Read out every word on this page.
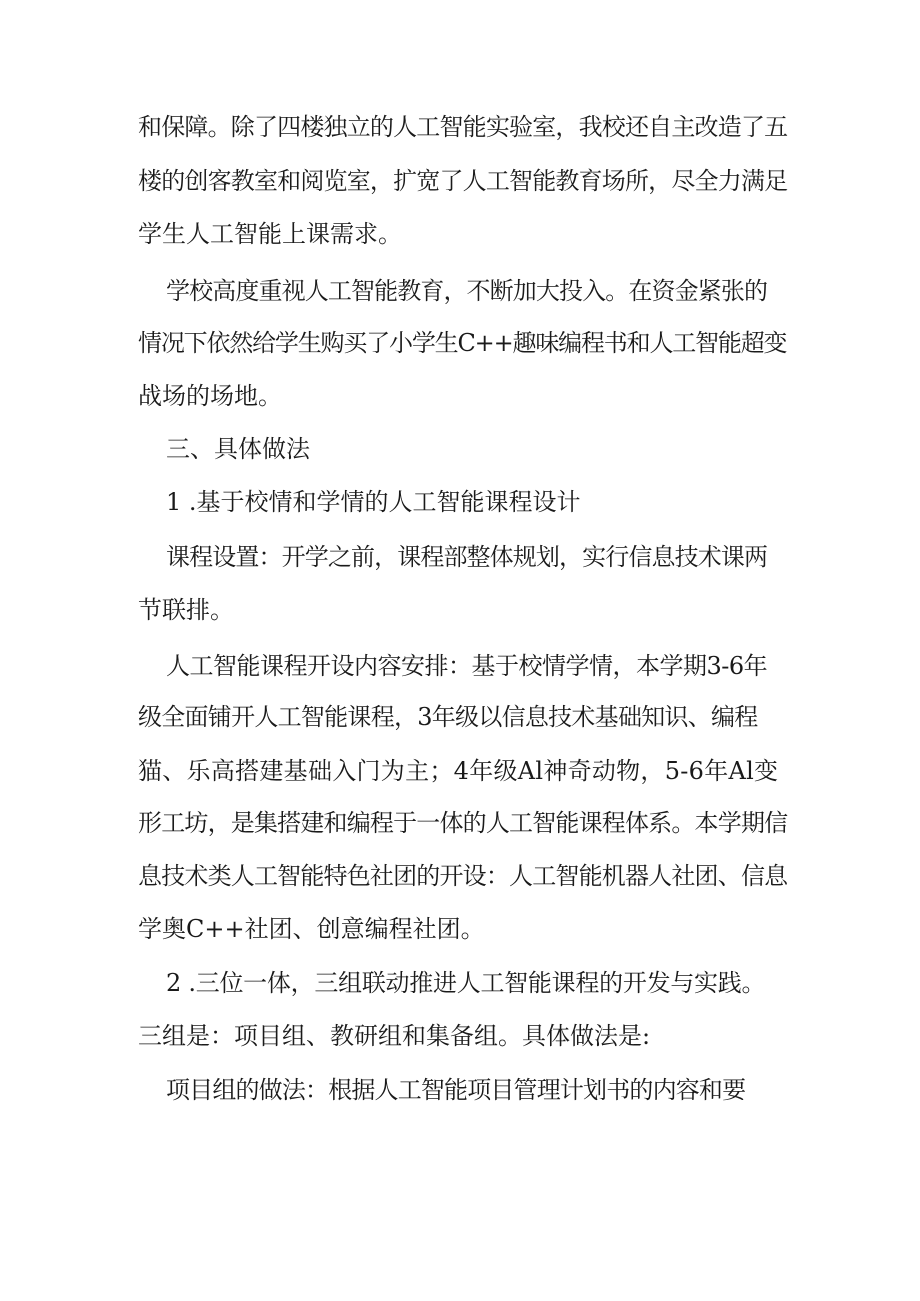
和保障。除了四楼独立的人工智能实验室，我校还自主改造了五
楼的创客教室和阅览室，扩宽了人工智能教育场所，尽全力满足
学生人工智能上课需求。
学校高度重视人工智能教育，不断加大投入。在资金紧张的
情况下依然给学生购买了小学生C++趣味编程书和人工智能超变
战场的场地。
三、具体做法
1 .基于校情和学情的人工智能课程设计
课程设置：开学之前，课程部整体规划，实行信息技术课两
节联排。
人工智能课程开设内容安排：基于校情学情，本学期3-6年
级全面铺开人工智能课程，3年级以信息技术基础知识、编程
猫、乐高搭建基础入门为主；4年级Al神奇动物，5-6年Al变
形工坊，是集搭建和编程于一体的人工智能课程体系。本学期信
息技术类人工智能特色社团的开设：人工智能机器人社团、信息
学奥C++社团、创意编程社团。
2 .三位一体，三组联动推进人工智能课程的开发与实践。
三组是：项目组、教研组和集备组。具体做法是:
项目组的做法：根据人工智能项目管理计划书的内容和要
